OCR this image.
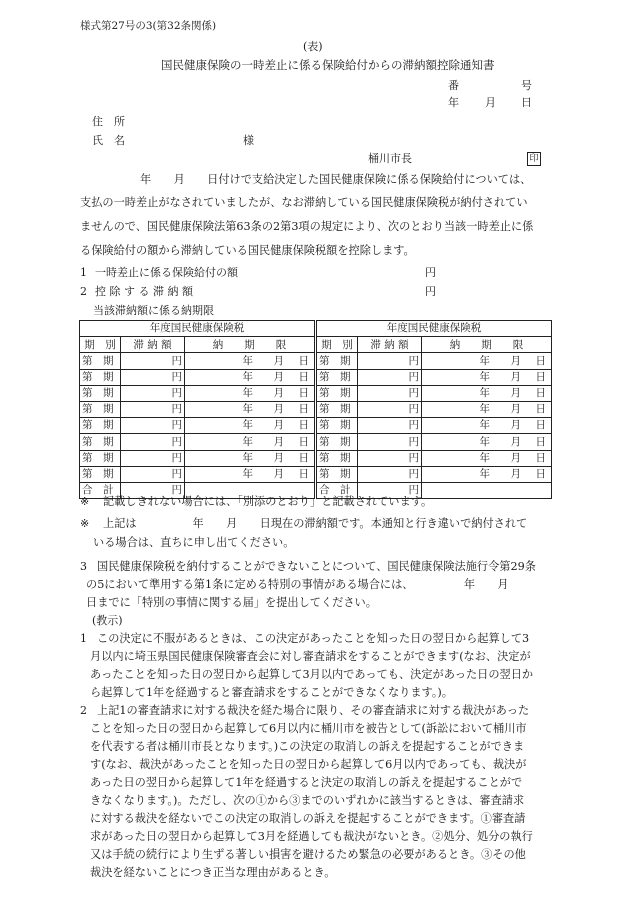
様式第27号の3(第32条関係)
(表)
国民健康保険の一時差止に係る保険給付からの滞納額控除通知書
番	号
年 月 日
住　所
氏　名	様
桶川市長	印
年　　月　　日付けで支給決定した国民健康保険に係る保険給付については、
支払の一時差止がなされていましたが、なお滞納している国民健康保険税が納付されてい
ませんので、国民健康保険法第63条の2第3項の規定により、次のとおり当該一時差止に係
る保険給付の額から滞納している国民健康保険税額を控除します。
1 一時差止に係る保険給付の額	円
2 控 除 す る 滞 納 額	円
当該滞納額に係る納期限
年度国民健康保険税		
期　別	滞 納 額	納　　期　　限
第　期	円	年 月 日
第　期	円	年 月 日
第　期	円	年 月 日
第　期	円	年 月 日
第　期	円	年 月 日
第　期	円	年 月 日
第　期	円	年 月 日
第　期	円	年 月 日
合　計	円	
年度国民健康保険税		
期　別	滞 納 額	納　　期　　限
第　期	円	年 月 日
第　期	円	年 月 日
第　期	円	年 月 日
第　期	円	年 月 日
第　期	円	年 月 日
第　期	円	年 月 日
第　期	円	年 月 日
第　期	円	年 月 日
合　計	円	
※ 記載しきれない場合には、「別添のとおり」と記載されています。
※ 上記は　　　　　年　　月　　日現在の滞納額です。本通知と行き違いで納付されて
いる場合は、直ちに申し出てください。
3 国民健康保険税を納付することができないことについて、国民健康保険法施行令第29条
の5において準用する第1条に定める特別の事情がある場合には、　　　　　年　　月
日までに「特別の事情に関する届」を提出してください。
(教示)
1 この決定に不服があるときは、この決定があったことを知った日の翌日から起算して3
月以内に埼玉県国民健康保険審査会に対し審査請求をすることができます(なお、決定が
あったことを知った日の翌日から起算して3月以内であっても、決定があった日の翌日か
ら起算して1年を経過すると審査請求をすることができなくなります。)。
2 上記1の審査請求に対する裁決を経た場合に限り、その審査請求に対する裁決があった
ことを知った日の翌日から起算して6月以内に桶川市を被告として(訴訟において桶川市
を代表する者は桶川市長となります。)この決定の取消しの訴えを提起することができま
す(なお、裁決があったことを知った日の翌日から起算して6月以内であっても、裁決が
あった日の翌日から起算して1年を経過すると決定の取消しの訴えを提起することがで
きなくなります。)。ただし、次の①から③までのいずれかに該当するときは、審査請求
に対する裁決を経ないでこの決定の取消しの訴えを提起することができます。①審査請
求があった日の翌日から起算して3月を経過しても裁決がないとき。②処分、処分の執行
又は手続の続行により生ずる著しい損害を避けるため緊急の必要があるとき。③その他
裁決を経ないことにつき正当な理由があるとき。
